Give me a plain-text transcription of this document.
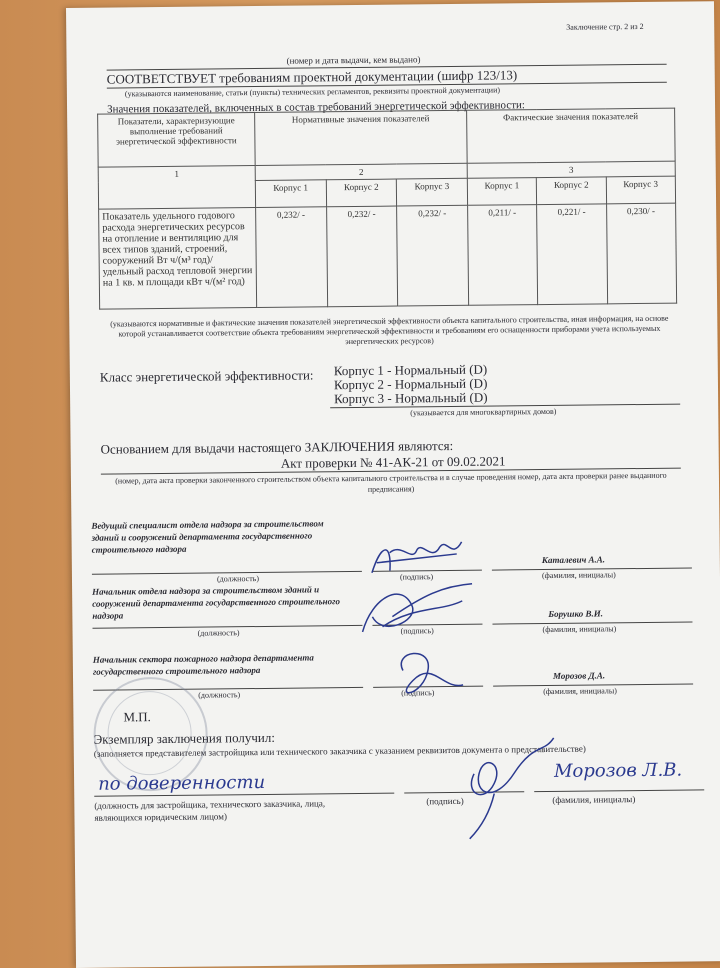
Заключение стр. 2 из 2
(номер и дата выдачи, кем выдано)
СООТВЕТСТВУЕТ требованиям проектной документации (шифр 123/13)
(указываются наименование, статьи (пункты) технических регламентов, реквизиты проектной документации)
Значения показателей, включенных в состав требований энергетической эффективности:
Показатели, характеризующие выполнение требований энергетической эффективности	Нормативные значения показателей			Фактические значения показателей		
1	2			3		
	Корпус 1	Корпус 2	Корпус 3	Корпус 1	Корпус 2	Корпус 3
Показатель удельного годового расхода энергетических ресурсов на отопление и вентиляцию для всех типов зданий, строений, сооружений Вт ч/(м³ год)/удельный расход тепловой энергии на 1 кв. м площади кВт ч/(м² год)	0,232/ -	0,232/ -	0,232/ -	0,211/ -	0,221/ -	0,230/ -
(указываются нормативные и фактические значения показателей энергетической эффективности объекта капитального строительства, иная информация, на основе которой устанавливается соответствие объекта требованиям энергетической эффективности и требованиям его оснащенности приборами учета используемых энергетических ресурсов)
Класс энергетической эффективности: Корпус 1 - Нормальный (D)
Корпус 2 - Нормальный (D)
Корпус 3 - Нормальный (D)
(указывается для многоквартирных домов)
Основанием для выдачи настоящего ЗАКЛЮЧЕНИЯ являются:
Акт проверки № 41-АК-21 от 09.02.2021
(номер, дата акта проверки законченного строительством объекта капитального строительства и в случае проведения номер, дата акта проверки ранее выданного предписания)
Ведущий специалист отдела надзора за строительством зданий и сооружений департамента государственного строительного надзора
(должность)	(подпись)
Каталевич А.А.
(фамилия, инициалы)
Начальник отдела надзора за строительством зданий и сооружений департамента государственного строительного надзора
(должность)	(подпись)
Борушко В.И.
(фамилия, инициалы)
Начальник сектора пожарного надзора департамента государственного строительного надзора
(должность)	(подпись)
Морозов Д.А.
(фамилия, инициалы)
М.П.
Экземпляр заключения получил:
(заполняется представителем застройщика или технического заказчика с указанием реквизитов документа о представительстве)
по доверенности
(должность для застройщика, технического заказчика, лица, являющихся юридическим лицом)
(подпись)
Морозов Л.В.
(фамилия, инициалы)
